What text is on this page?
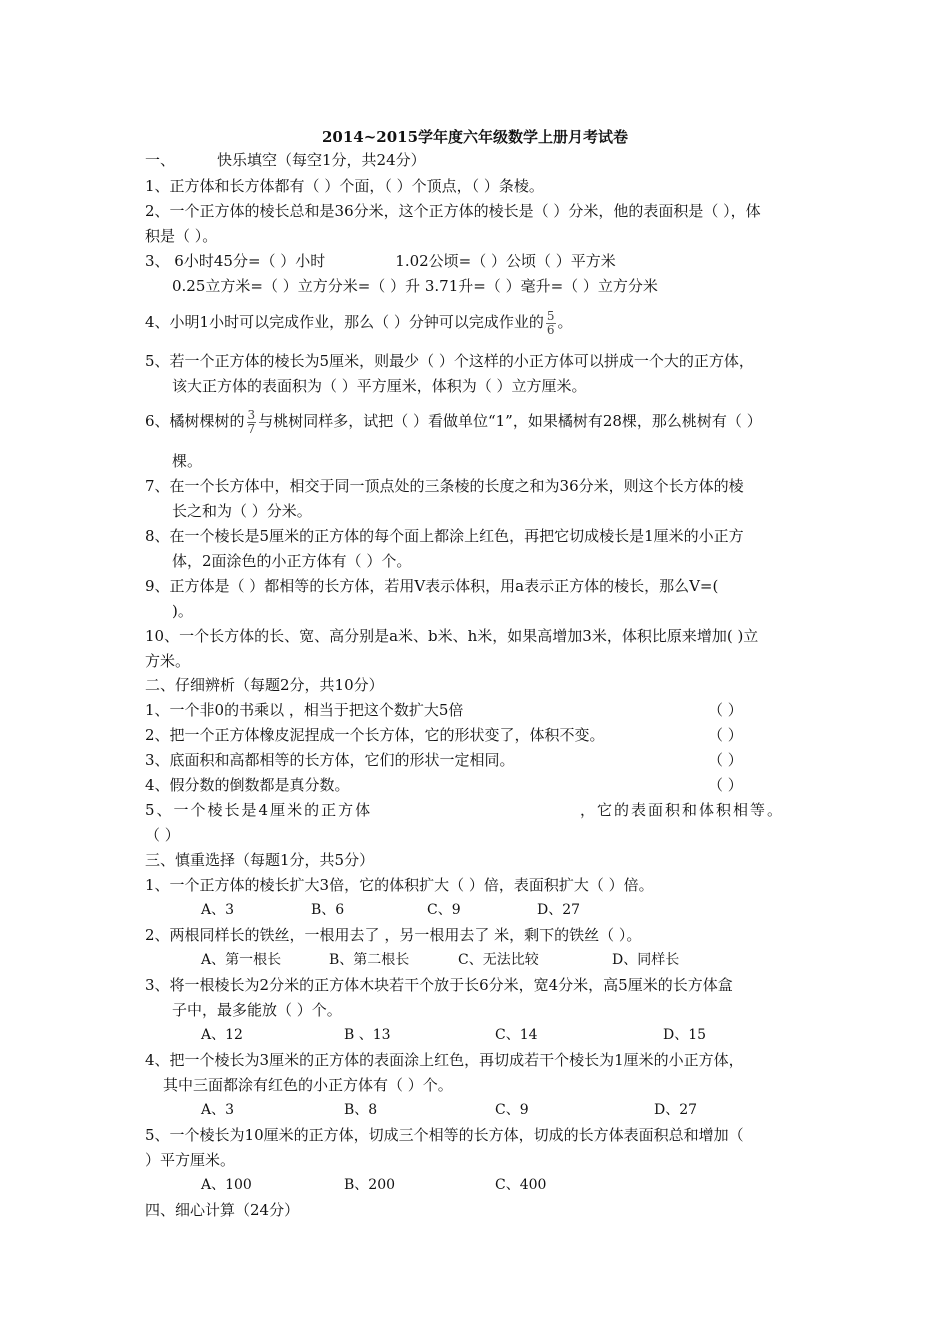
2014~2015学年度六年级数学上册月考试卷
一、	快乐填空（每空1分，共24分）
1、正方体和长方体都有（ ）个面，（ ）个顶点，（ ）条棱。
2、一个正方体的棱长总和是36分米，这个正方体的棱长是（ ）分米，他的表面积是（ ），体
积是（ ）。
3、 6小时45分=（ ）小时	1.02公顷=（ ）公顷（ ）平方米
0.25立方米=（ ）立方分米=（ ）升 3.71升=（ ）毫升=（ ）立方分米
4、小明1小时可以完成作业，那么（ ）分钟可以完成作业的 $\frac{5}{6}$ 。
5、若一个正方体的棱长为5厘米，则最少（ ）个这样的小正方体可以拼成一个大的正方体，
该大正方体的表面积为（ ）平方厘米，体积为（ ）立方厘米。
6、橘树棵树的 $\frac{3}{7}$ 与桃树同样多，试把（ ）看做单位“1”，如果橘树有28棵，那么桃树有（ ）
棵。
7、在一个长方体中，相交于同一顶点处的三条棱的长度之和为36分米，则这个长方体的棱
长之和为（ ）分米。
8、在一个棱长是5厘米的正方体的每个面上都涂上红色，再把它切成棱长是1厘米的小正方
体，2面涂色的小正方体有（ ）个。
9、正方体是（ ）都相等的长方体，若用V表示体积，用a表示正方体的棱长，那么V=(
)。
10、一个长方体的长、宽、高分别是a米、b米、h米，如果高增加3米，体积比原来增加( )立
方米。
二、仔细辨析（每题2分，共10分）
1、一个非0的书乘以 ，相当于把这个数扩大5倍	（ ）
2、把一个正方体橡皮泥捏成一个长方体，它的形状变了，体积不变。	（ ）
3、底面积和高都相等的长方体，它们的形状一定相同。	（ ）
4、假分数的倒数都是真分数。	（ ）
5、一个棱长是4厘米的正方体	，它的表面积和体积相等。
（ ）
三、慎重选择（每题1分，共5分）
1、一个正方体的棱长扩大3倍，它的体积扩大（ ）倍，表面积扩大（ ）倍。
A、3	B、6	C、9	D、27
2、两根同样长的铁丝，一根用去了 ，另一根用去了 米，剩下的铁丝（ ）。
A、第一根长	B、第二根长	C、无法比较	D、同样长
3、将一根棱长为2分米的正方体木块若干个放于长6分米，宽4分米，高5厘米的长方体盒
子中，最多能放（ ）个。
A、12	B 、13	C、14	D、15
4、把一个棱长为3厘米的正方体的表面涂上红色，再切成若干个棱长为1厘米的小正方体，
其中三面都涂有红色的小正方体有（ ）个。
A、3	B、8	C、9	D、27
5、一个棱长为10厘米的正方体，切成三个相等的长方体，切成的长方体表面积总和增加（
）平方厘米。
A、100	B、200	C、400
四、细心计算（24分）
